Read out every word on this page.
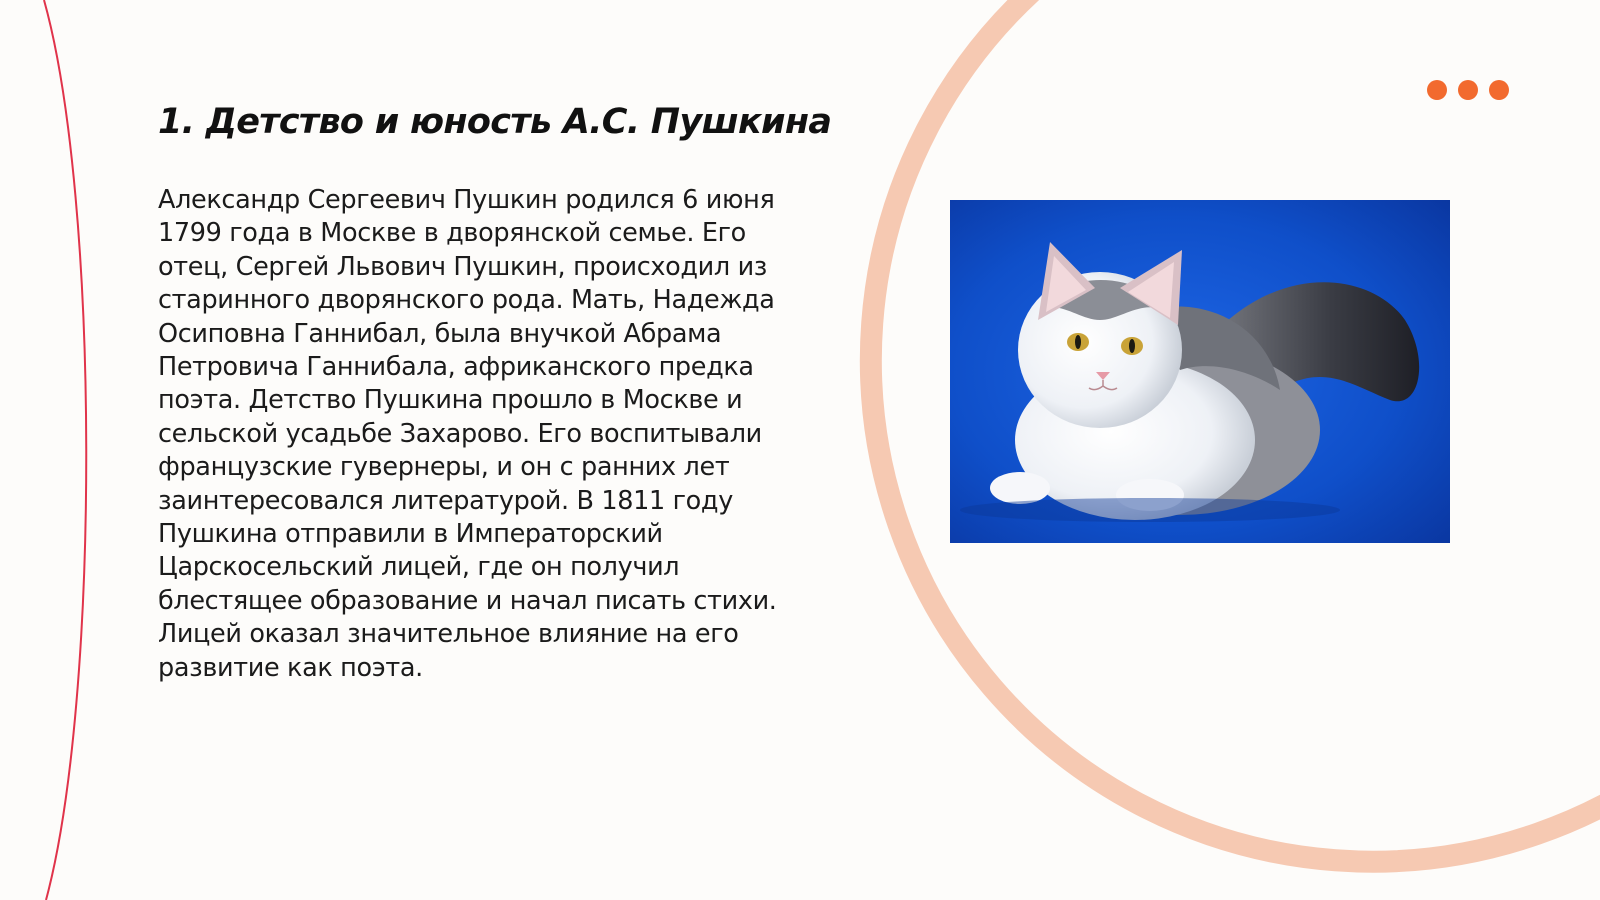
1. Детство и юность А.С. Пушкина

Александр Сергеевич Пушкин родился 6 июня 1799 года в Москве в дворянской семье. Его отец, Сергей Львович Пушкин, происходил из старинного дворянского рода. Мать, Надежда Осиповна Ганнибал, была внучкой Абрама Петровича Ганнибала, африканского предка поэта. Детство Пушкина прошло в Москве и сельской усадьбе Захарово. Его воспитывали французские гувернеры, и он с ранних лет заинтересовался литературой. В 1811 году Пушкина отправили в Императорский Царскосельский лицей, где он получил блестящее образование и начал писать стихи. Лицей оказал значительное влияние на его развитие как поэта.
